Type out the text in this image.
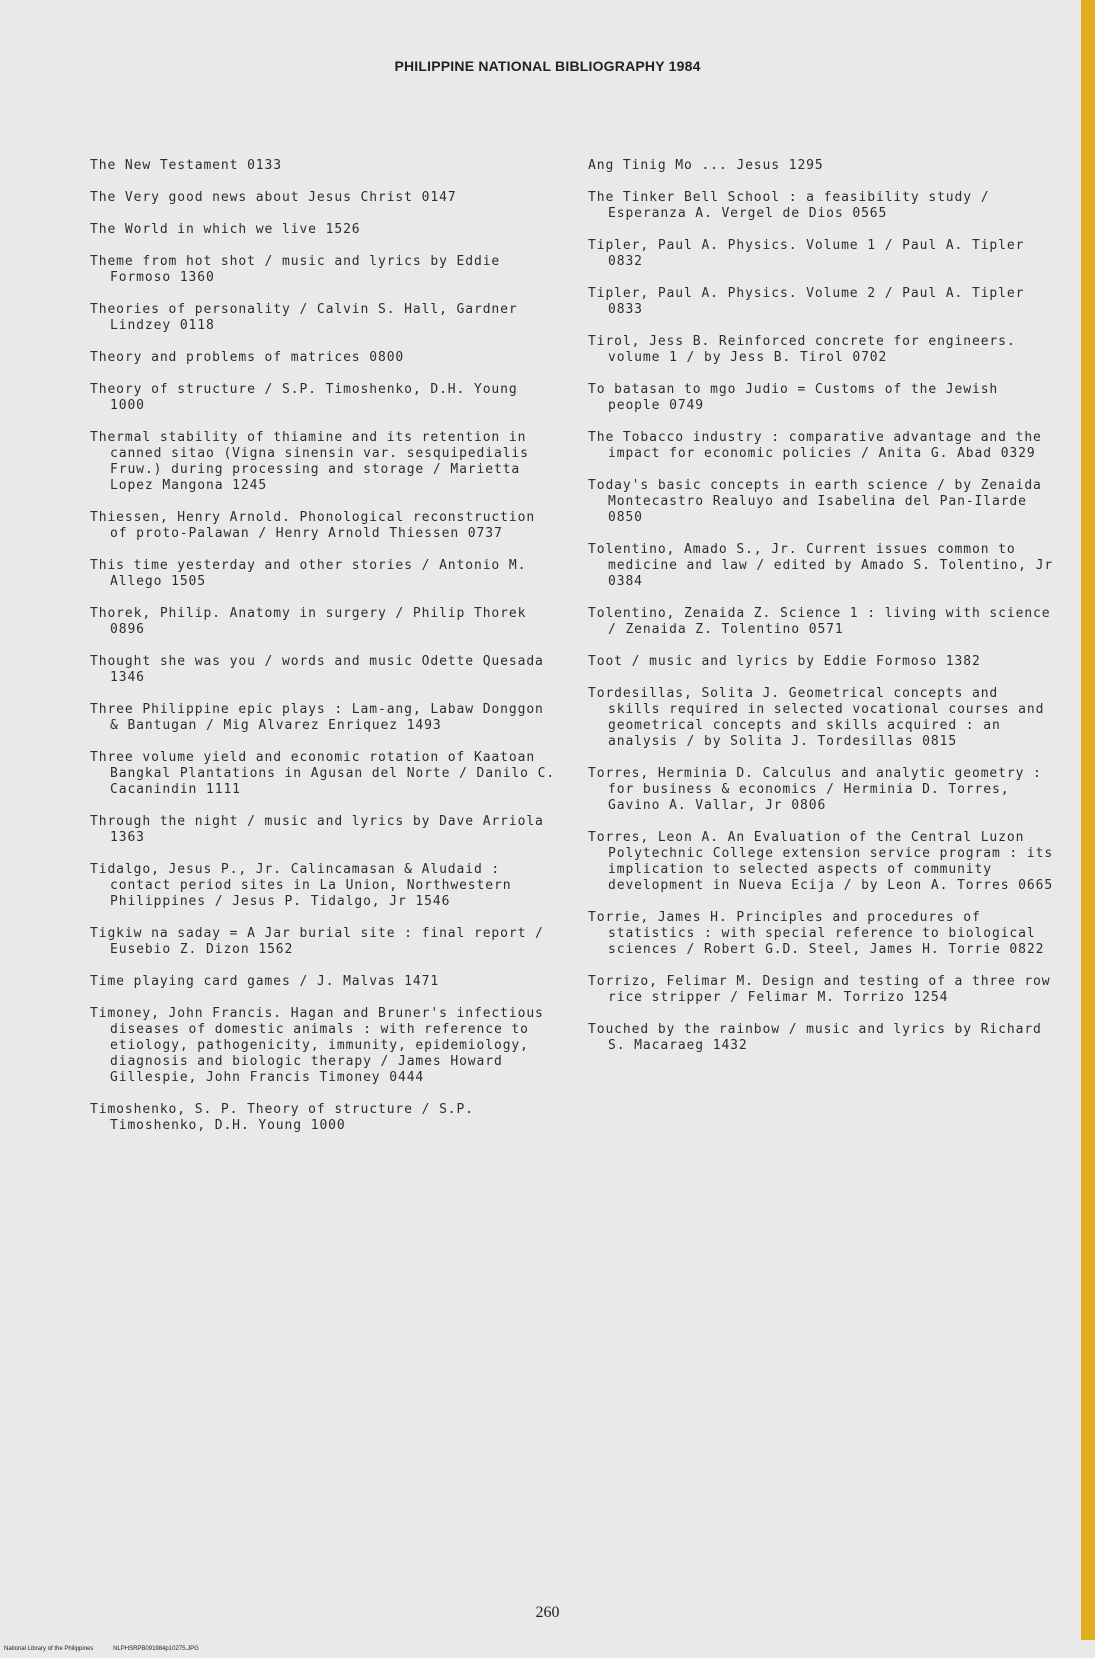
PHILIPPINE NATIONAL BIBLIOGRAPHY 1984
The New Testament 0133
The Very good news about Jesus Christ 0147
The World in which we live 1526
Theme from hot shot / music and lyrics by Eddie Formoso 1360
Theories of personality / Calvin S. Hall, Gardner Lindzey 0118
Theory and problems of matrices 0800
Theory of structure / S.P. Timoshenko, D.H. Young 1000
Thermal stability of thiamine and its retention in canned sitao (Vigna sinensin var. sesquipedialis Fruw.) during processing and storage / Marietta Lopez Mangona 1245
Thiessen, Henry Arnold. Phonological reconstruction of proto-Palawan / Henry Arnold Thiessen 0737
This time yesterday and other stories / Antonio M. Allego 1505
Thorek, Philip. Anatomy in surgery / Philip Thorek 0896
Thought she was you / words and music Odette Quesada 1346
Three Philippine epic plays : Lam-ang, Labaw Donggon & Bantugan / Mig Alvarez Enriquez 1493
Three volume yield and economic rotation of Kaatoan Bangkal Plantations in Agusan del Norte / Danilo C. Cacanindin 1111
Through the night / music and lyrics by Dave Arriola 1363
Tidalgo, Jesus P., Jr. Calincamasan & Aludaid : contact period sites in La Union, Northwestern Philippines / Jesus P. Tidalgo, Jr 1546
Tigkiw na saday = A Jar burial site : final report / Eusebio Z. Dizon 1562
Time playing card games / J. Malvas 1471
Timoney, John Francis. Hagan and Bruner's infectious diseases of domestic animals : with reference to etiology, pathogenicity, immunity, epidemiology, diagnosis and biologic therapy / James Howard Gillespie, John Francis Timoney 0444
Timoshenko, S. P. Theory of structure / S.P. Timoshenko, D.H. Young 1000
Ang Tinig Mo ... Jesus 1295
The Tinker Bell School : a feasibility study / Esperanza A. Vergel de Dios 0565
Tipler, Paul A. Physics. Volume 1 / Paul A. Tipler 0832
Tipler, Paul A. Physics. Volume 2 / Paul A. Tipler 0833
Tirol, Jess B. Reinforced concrete for engineers. volume 1 / by Jess B. Tirol 0702
To batasan to mgo Judio = Customs of the Jewish people 0749
The Tobacco industry : comparative advantage and the impact for economic policies / Anita G. Abad 0329
Today's basic concepts in earth science / by Zenaida Montecastro Realuyo and Isabelina del Pan-Ilarde 0850
Tolentino, Amado S., Jr. Current issues common to medicine and law / edited by Amado S. Tolentino, Jr 0384
Tolentino, Zenaida Z. Science 1 : living with science / Zenaida Z. Tolentino 0571
Toot / music and lyrics by Eddie Formoso 1382
Tordesillas, Solita J. Geometrical concepts and skills required in selected vocational courses and geometrical concepts and skills acquired : an analysis / by Solita J. Tordesillas 0815
Torres, Herminia D. Calculus and analytic geometry : for business & economics / Herminia D. Torres, Gavino A. Vallar, Jr 0806
Torres, Leon A. An Evaluation of the Central Luzon Polytechnic College extension service program : its implication to selected aspects of community development in Nueva Ecija / by Leon A. Torres 0665
Torrie, James H. Principles and procedures of statistics : with special reference to biological sciences / Robert G.D. Steel, James H. Torrie 0822
Torrizo, Felimar M. Design and testing of a three row rice stripper / Felimar M. Torrizo 1254
Touched by the rainbow / music and lyrics by Richard S. Macaraeg 1432
260
National Library of the Philippines	NLPHSRPB091984p10275.JPG
